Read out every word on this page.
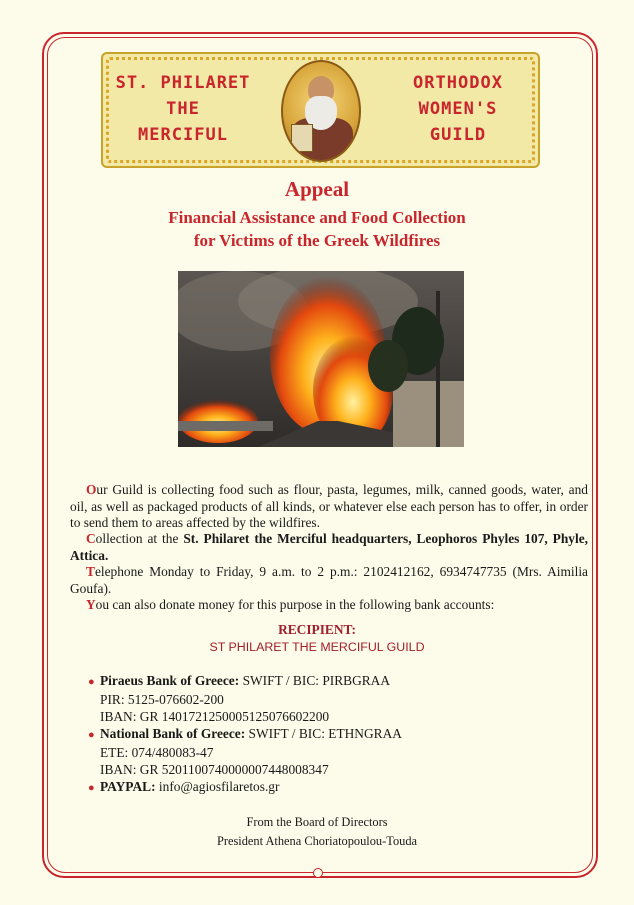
ST. PHILARET
THE
MERCIFUL
ORTHODOX
WOMEN'S
GUILD
Appeal
Financial Assistance and Food Collection
for Victims of the Greek Wildfires
Our Guild is collecting food such as flour, pasta, legumes, milk, canned goods, water, and oil, as well as packaged products of all kinds, or whatever else each person has to offer, in order to send them to areas affected by the wildfires.
Collection at the St. Philaret the Merciful headquarters, Leophoros Phyles 107, Phyle, Attica.
Telephone Monday to Friday, 9 a.m. to 2 p.m.: 2102412162, 6934747735 (Mrs. Aimilia Goufa).
You can also donate money for this purpose in the following bank accounts:
RECIPIENT:
ST PHILARET THE MERCIFUL GUILD
● Piraeus Bank of Greece: SWIFT / BIC: PIRBGRAA
PIR: 5125-076602-200
IBAN: GR 1401721250005125076602200
● National Bank of Greece: SWIFT / BIC: ETHNGRAA
ETE: 074/480083-47
IBAN: GR 5201100740000007448008347
● PAYPAL: info@agiosfilaretos.gr
From the Board of Directors
President Athena Choriatopoulou-Touda
